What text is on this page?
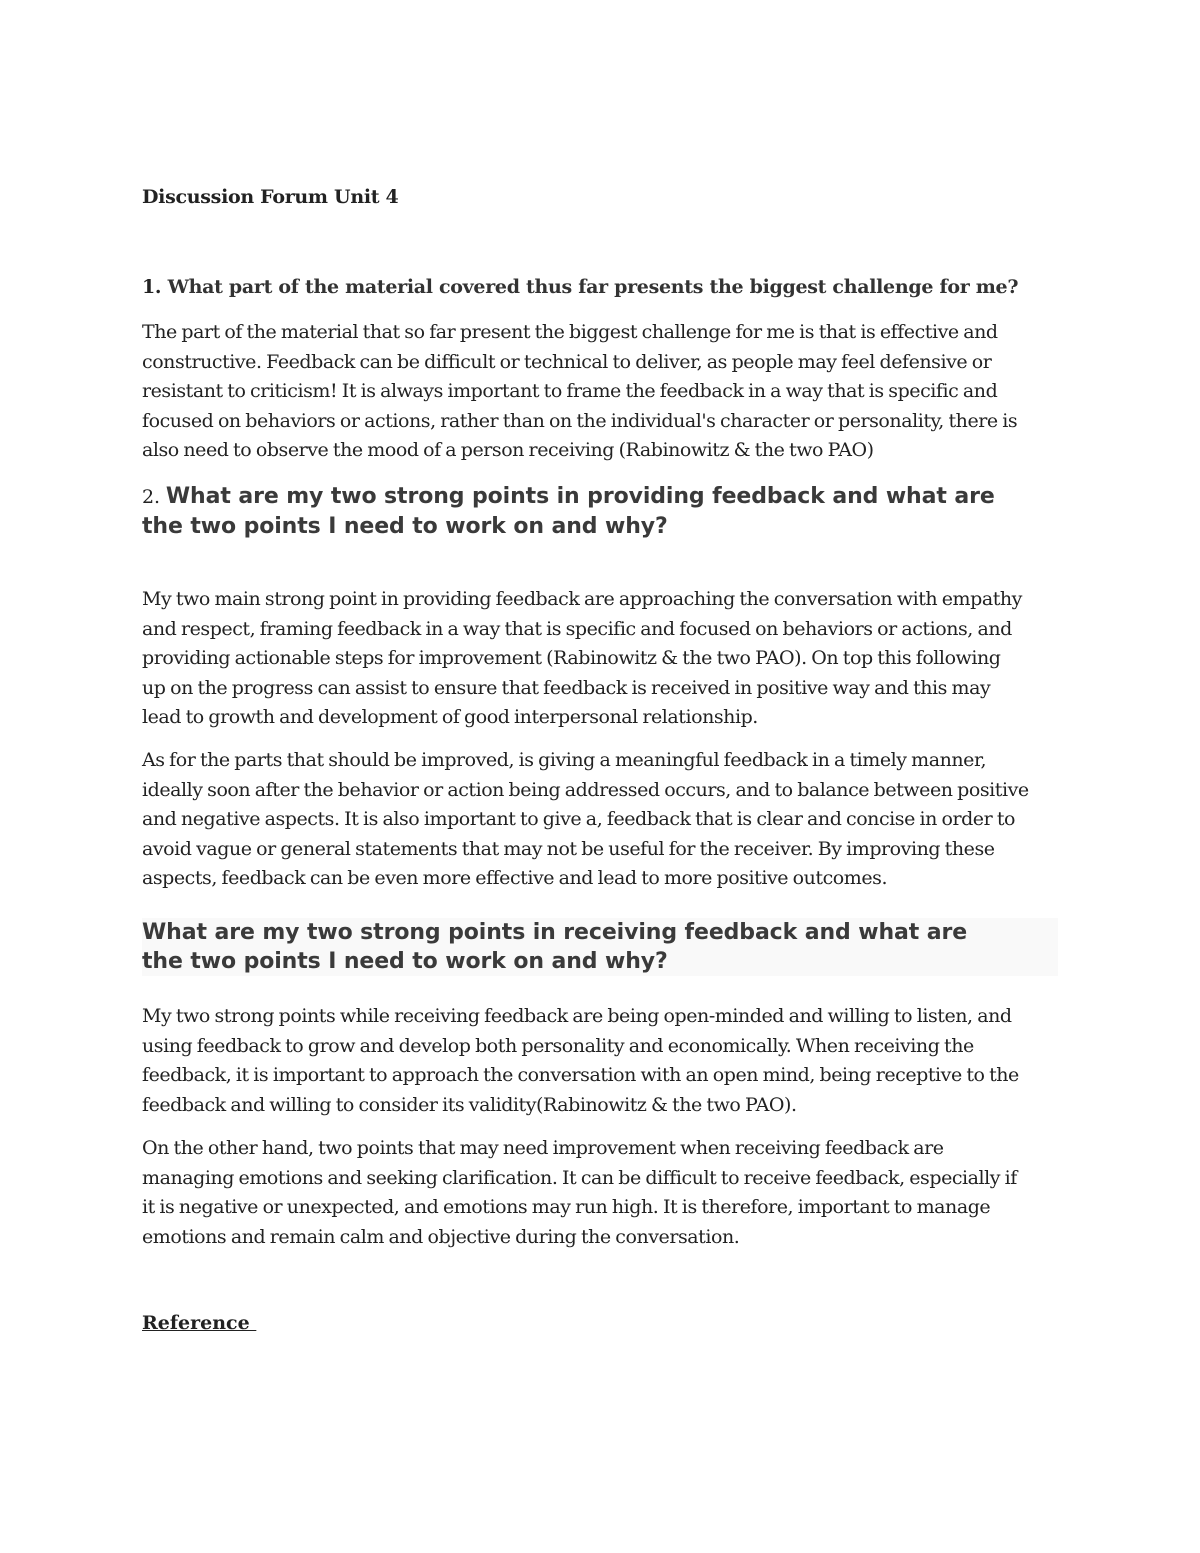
Discussion Forum Unit 4

1. What part of the material covered thus far presents the biggest challenge for me?

The part of the material that so far present the biggest challenge for me is that is effective and
constructive. Feedback can be difficult or technical to deliver, as people may feel defensive or
resistant to criticism! It is always important to frame the feedback in a way that is specific and
focused on behaviors or actions, rather than on the individual's character or personality, there is
also need to observe the mood of a person receiving (Rabinowitz & the two PAO)

2. What are my two strong points in providing feedback and what are
the two points I need to work on and why?

My two main strong point in providing feedback are approaching the conversation with empathy
and respect, framing feedback in a way that is specific and focused on behaviors or actions, and
providing actionable steps for improvement (Rabinowitz & the two PAO). On top this following
up on the progress can assist to ensure that feedback is received in positive way and this may
lead to growth and development of good interpersonal relationship.

As for the parts that should be improved, is giving a meaningful feedback in a timely manner,
ideally soon after the behavior or action being addressed occurs, and to balance between positive
and negative aspects. It is also important to give a, feedback that is clear and concise in order to
avoid vague or general statements that may not be useful for the receiver. By improving these
aspects, feedback can be even more effective and lead to more positive outcomes.

What are my two strong points in receiving feedback and what are
the two points I need to work on and why?

My two strong points while receiving feedback are being open-minded and willing to listen, and
using feedback to grow and develop both personality and economically. When receiving the
feedback, it is important to approach the conversation with an open mind, being receptive to the
feedback and willing to consider its validity(Rabinowitz & the two PAO).

On the other hand, two points that may need improvement when receiving feedback are
managing emotions and seeking clarification. It can be difficult to receive feedback, especially if
it is negative or unexpected, and emotions may run high. It is therefore, important to manage
emotions and remain calm and objective during the conversation.

Reference
